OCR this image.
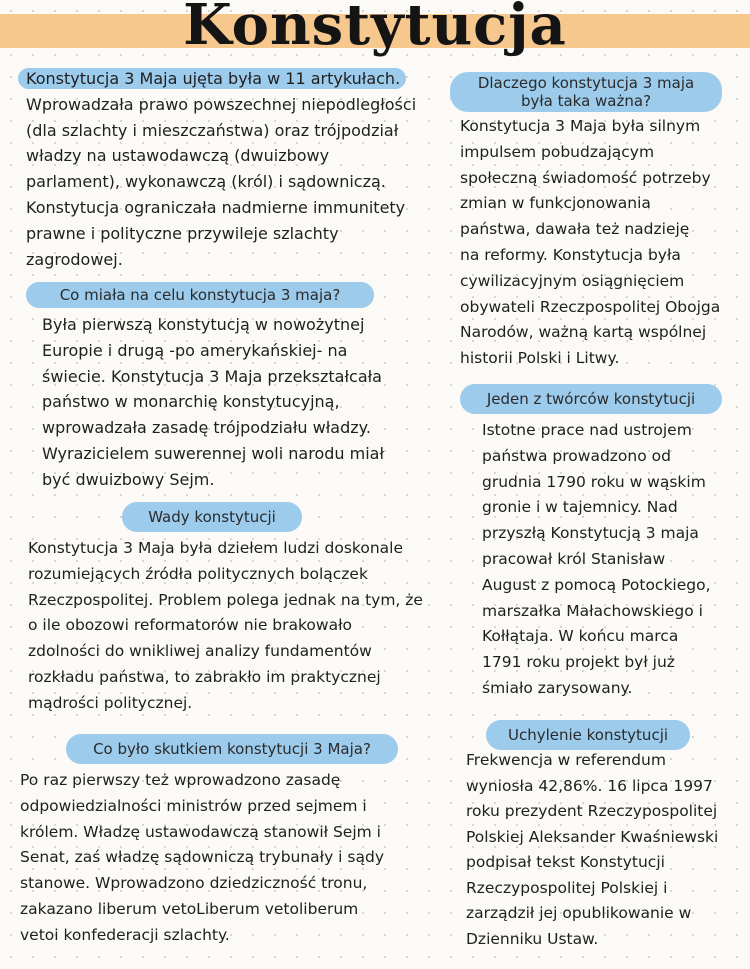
Konstytucja
Konstytucja 3 Maja ujęta była w 11 artykułach.
Wprowadzała prawo powszechnej niepodległości
(dla szlachty i mieszczaństwa) oraz trójpodział
władzy na ustawodawczą (dwuizbowy
parlament), wykonawczą (król) i sądowniczą.
Konstytucja ograniczała nadmierne immunitety
prawne i polityczne przywileje szlachty
zagrodowej.
Co miała na celu konstytucja 3 maja?
Była pierwszą konstytucją w nowożytnej
Europie i drugą -po amerykańskiej- na
świecie. Konstytucja 3 Maja przekształcała
państwo w monarchię konstytucyjną,
wprowadzała zasadę trójpodziału władzy.
Wyrazicielem suwerennej woli narodu miał
być dwuizbowy Sejm.
Wady konstytucji
Konstytucja 3 Maja była dziełem ludzi doskonale
rozumiejących źródła politycznych bolączek
Rzeczpospolitej. Problem polega jednak na tym, że
o ile obozowi reformatorów nie brakowało
zdolności do wnikliwej analizy fundamentów
rozkładu państwa, to zabrakło im praktycznej
mądrości politycznej.
Co było skutkiem konstytucji 3 Maja?
Po raz pierwszy też wprowadzono zasadę
odpowiedzialności ministrów przed sejmem i
królem. Władzę ustawodawczą stanowił Sejm i
Senat, zaś władzę sądowniczą trybunały i sądy
stanowe. Wprowadzono dziedziczność tronu,
zakazano liberum vetoLiberum vetoliberum
vetoi konfederacji szlachty.
Dlaczego konstytucja 3 maja
była taka ważna?
Konstytucja 3 Maja była silnym
impulsem pobudzającym
społeczną świadomość potrzeby
zmian w funkcjonowania
państwa, dawała też nadzieję
na reformy. Konstytucja była
cywilizacyjnym osiągnięciem
obywateli Rzeczpospolitej Obojga
Narodów, ważną kartą wspólnej
historii Polski i Litwy.
Jeden z twórców konstytucji
Istotne prace nad ustrojem
państwa prowadzono od
grudnia 1790 roku w wąskim
gronie i w tajemnicy. Nad
przyszłą Konstytucją 3 maja
pracował król Stanisław
August z pomocą Potockiego,
marszałka Małachowskiego i
Kołłątaja. W końcu marca
1791 roku projekt był już
śmiało zarysowany.
Uchylenie konstytucji
Frekwencja w referendum
wyniosła 42,86%. 16 lipca 1997
roku prezydent Rzeczypospolitej
Polskiej Aleksander Kwaśniewski
podpisał tekst Konstytucji
Rzeczypospolitej Polskiej i
zarządził jej opublikowanie w
Dzienniku Ustaw.
